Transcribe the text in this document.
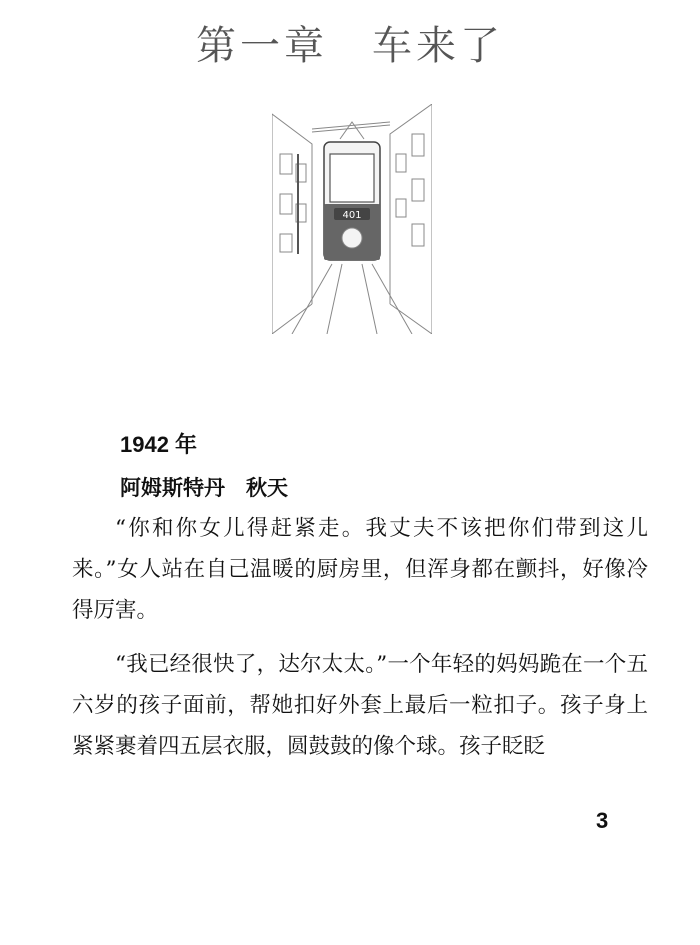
第一章　车来了
401
1942 年
阿姆斯特丹　秋天

“你和你女儿得赶紧走。我丈夫不该把你们带到这儿来。”女人站在自己温暖的厨房里，但浑身都在颤抖，好像冷得厉害。

“我已经很快了，达尔太太。”一个年轻的妈妈跪在一个五六岁的孩子面前，帮她扣好外套上最后一粒扣子。孩子身上紧紧裹着四五层衣服，圆鼓鼓的像个球。孩子眨眨

3
